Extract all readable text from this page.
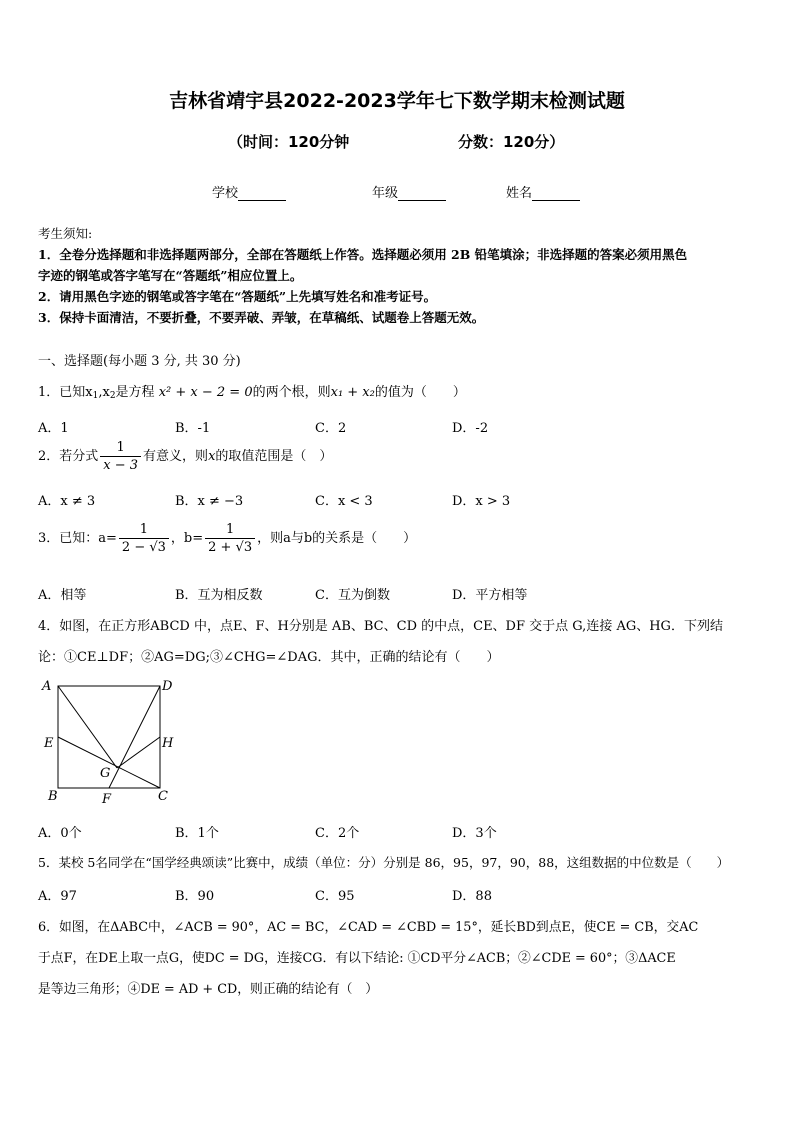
吉林省靖宇县2022-2023学年七下数学期末检测试题
（时间：120分钟	分数：120分）
学校	年级	姓名
考生须知:
1．全卷分选择题和非选择题两部分，全部在答题纸上作答。选择题必须用 2B 铅笔填涂；非选择题的答案必须用黑色
字迹的钢笔或答字笔写在“答题纸”相应位置上。
2．请用黑色字迹的钢笔或答字笔在“答题纸”上先填写姓名和准考证号。
3．保持卡面清洁，不要折叠，不要弄破、弄皱，在草稿纸、试题卷上答题无效。
一、选择题(每小题 3 分, 共 30 分)
1．已知x1,x2是方程 x² + x − 2 = 0的两个根，则x₁ + x₂的值为（　　）
A．1	B．-1	C．2	D．-2
2．若分式 $\frac{1}{x - 3}$ 有意义，则x的取值范围是（　）
A．x ≠ 3	B．x ≠ −3	C．x < 3	D．x > 3
3．已知：$a= \frac{1}{2 - √3}$ ，$b= \frac{1}{2 + √3}$ ，则a与b的关系是（　　）
A．相等	B．互为相反数	C．互为倒数	D．平方相等
4．如图，在正方形ABCD 中，点E、F、H分别是 AB、BC、CD 的中点，CE、DF 交于点 G,连接 AG、HG．下列结
论：①CE⊥DF；②AG=DG;③∠CHG=∠DAG．其中，正确的结论有（　　）
A	D
E	H
G
B	F	C
A．0个	B．1个	C．2个	D．3个
5．某校 5名同学在“国学经典颂读”比赛中，成绩（单位：分）分别是 86，95，97，90，88，这组数据的中位数是（　　）
A．97	B．90	C．95	D．88
6．如图，在ΔABC中，∠ACB = 90°，AC = BC，∠CAD = ∠CBD = 15°，延长BD到点E，使CE = CB，交AC
于点F，在DE上取一点G，使DC = DG，连接CG．有以下结论: ①CD平分∠ACB；②∠CDE = 60°；③ΔACE
是等边三角形；④DE = AD + CD，则正确的结论有（　）
